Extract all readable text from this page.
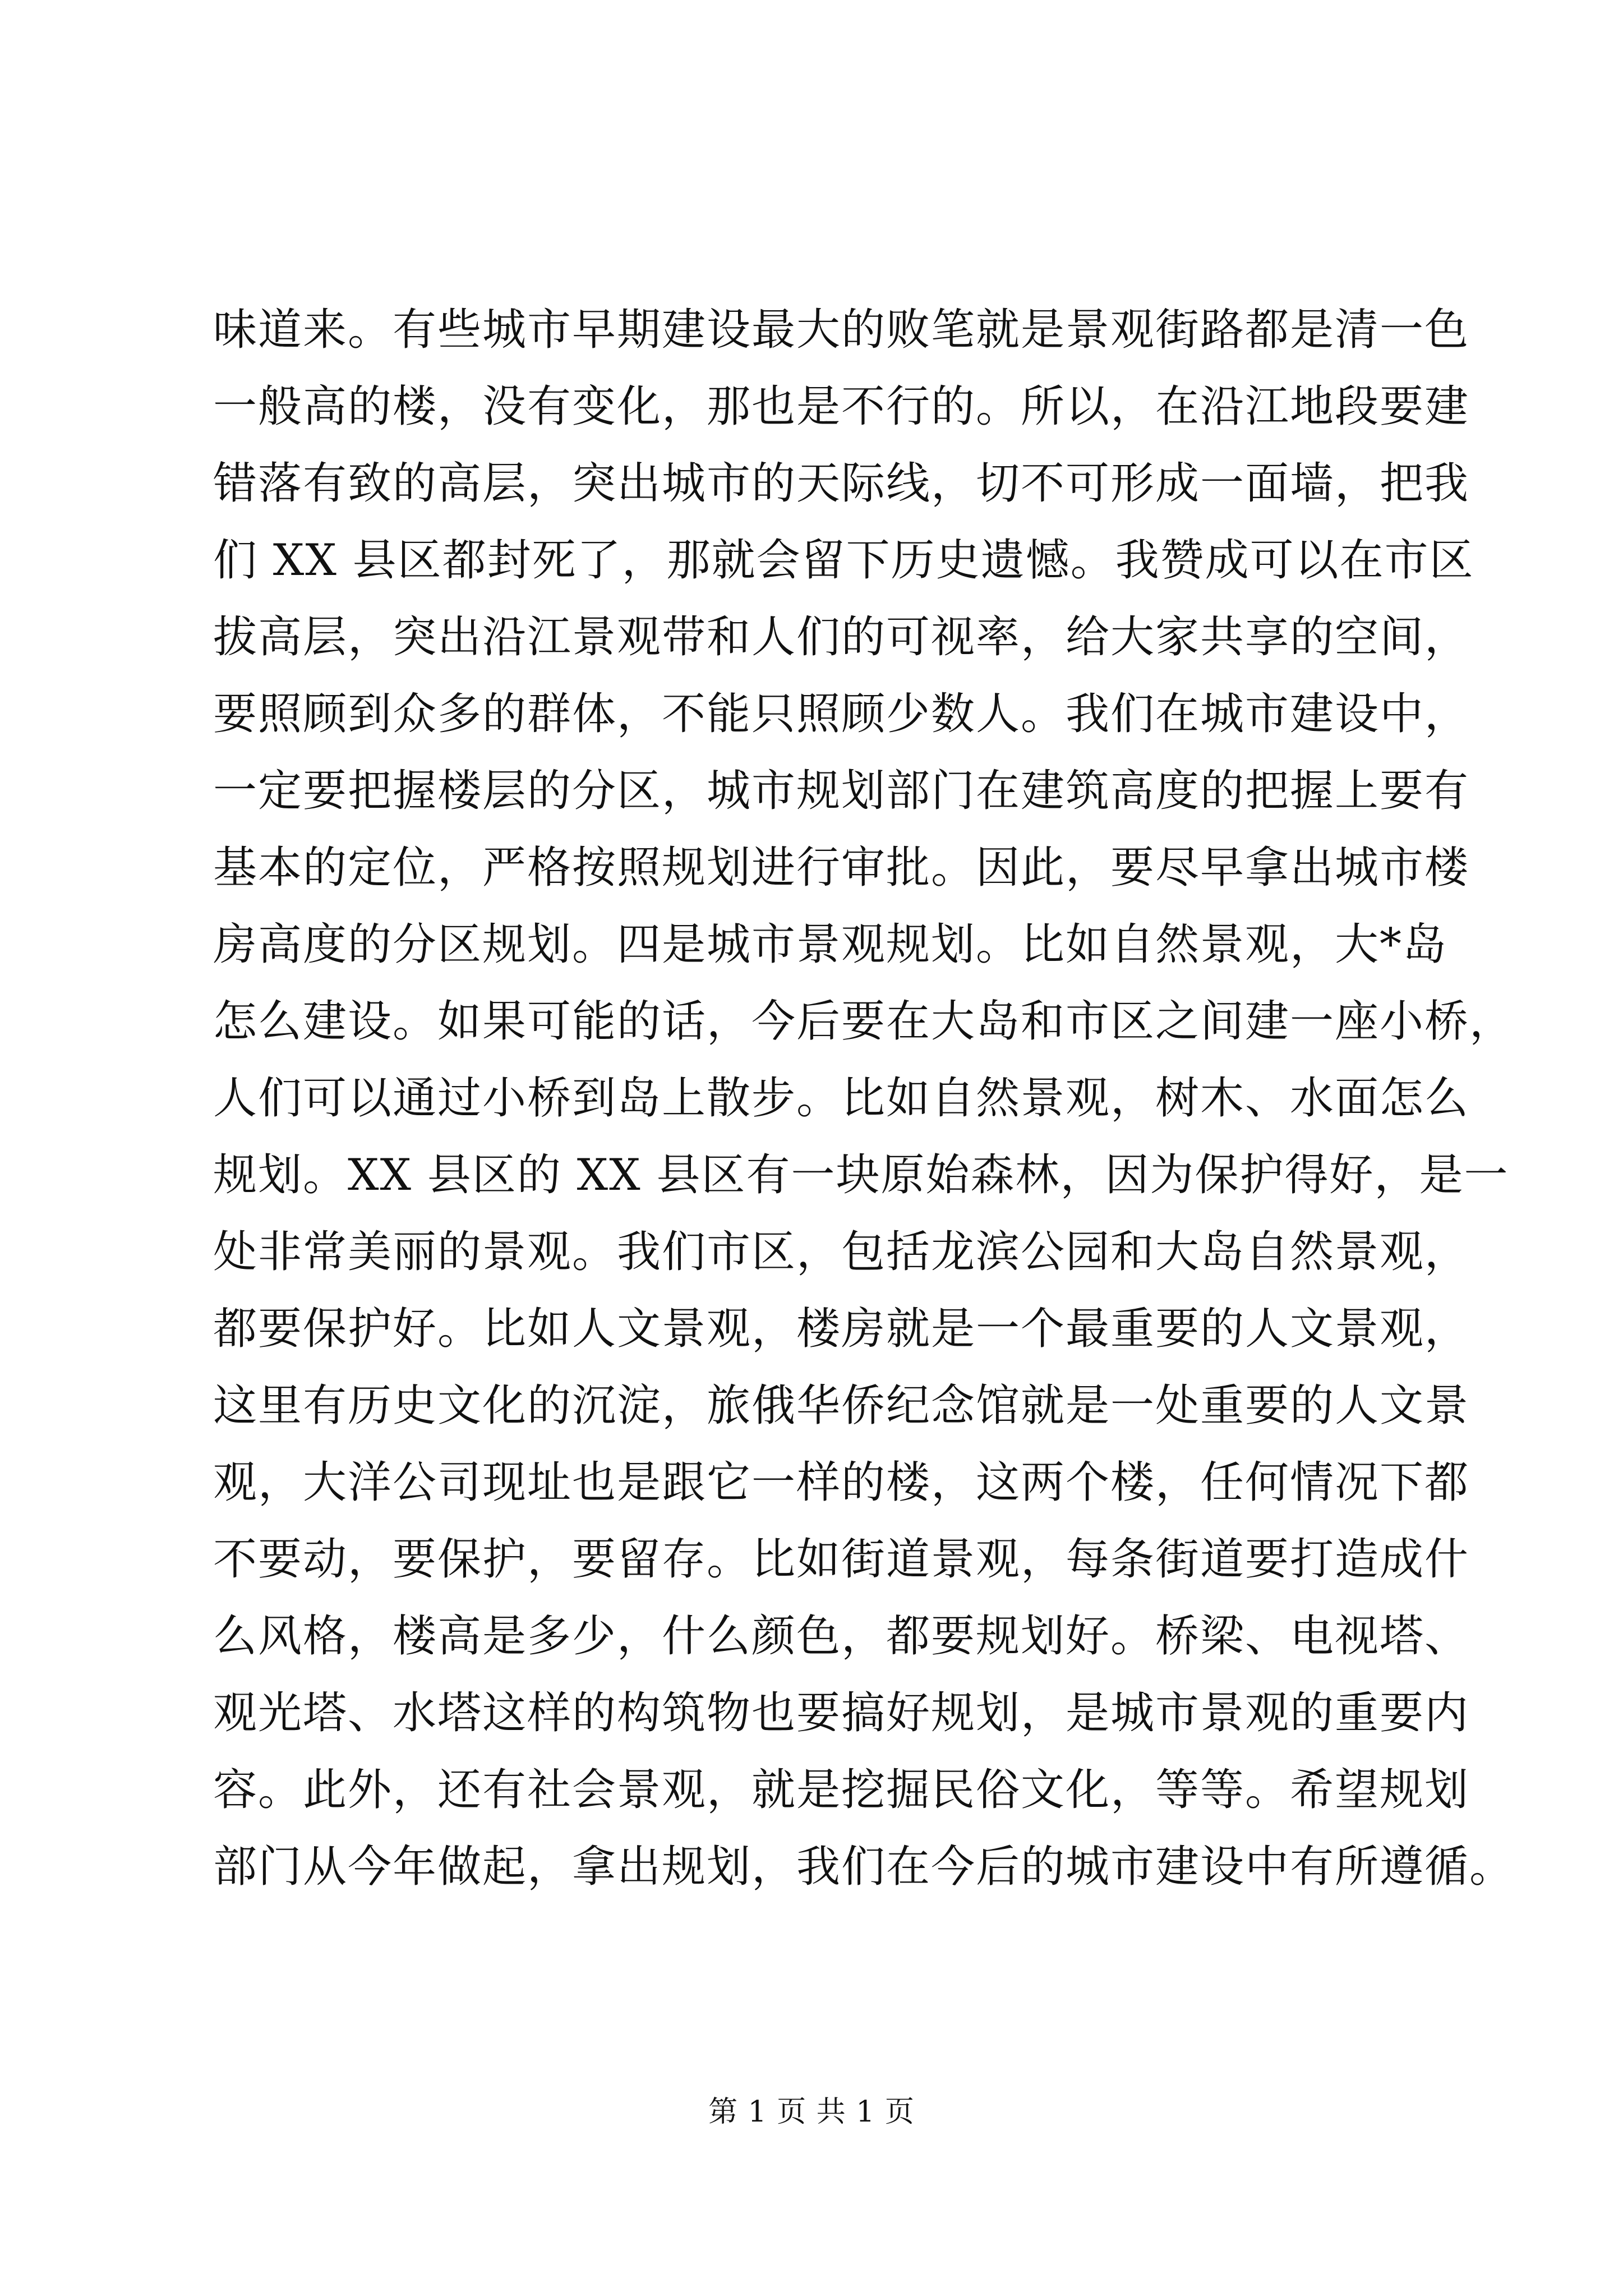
味道来。有些城市早期建设最大的败笔就是景观街路都是清一色
一般高的楼，没有变化，那也是不行的。所以，在沿江地段要建
错落有致的高层，突出城市的天际线，切不可形成一面墙，把我
们 XX 县区都封死了，那就会留下历史遗憾。我赞成可以在市区
拔高层，突出沿江景观带和人们的可视率，给大家共享的空间，
要照顾到众多的群体，不能只照顾少数人。我们在城市建设中，
一定要把握楼层的分区，城市规划部门在建筑高度的把握上要有
基本的定位，严格按照规划进行审批。因此，要尽早拿出城市楼
房高度的分区规划。四是城市景观规划。比如自然景观，大*岛
怎么建设。如果可能的话，今后要在大岛和市区之间建一座小桥，
人们可以通过小桥到岛上散步。比如自然景观，树木、水面怎么
规划。XX 县区的 XX 县区有一块原始森林，因为保护得好，是一
处非常美丽的景观。我们市区，包括龙滨公园和大岛自然景观，
都要保护好。比如人文景观，楼房就是一个最重要的人文景观，
这里有历史文化的沉淀，旅俄华侨纪念馆就是一处重要的人文景
观，大洋公司现址也是跟它一样的楼，这两个楼，任何情况下都
不要动，要保护，要留存。比如街道景观，每条街道要打造成什
么风格，楼高是多少，什么颜色，都要规划好。桥梁、电视塔、
观光塔、水塔这样的构筑物也要搞好规划，是城市景观的重要内
容。此外，还有社会景观，就是挖掘民俗文化，等等。希望规划
部门从今年做起，拿出规划，我们在今后的城市建设中有所遵循。
第 1 页 共 1 页
